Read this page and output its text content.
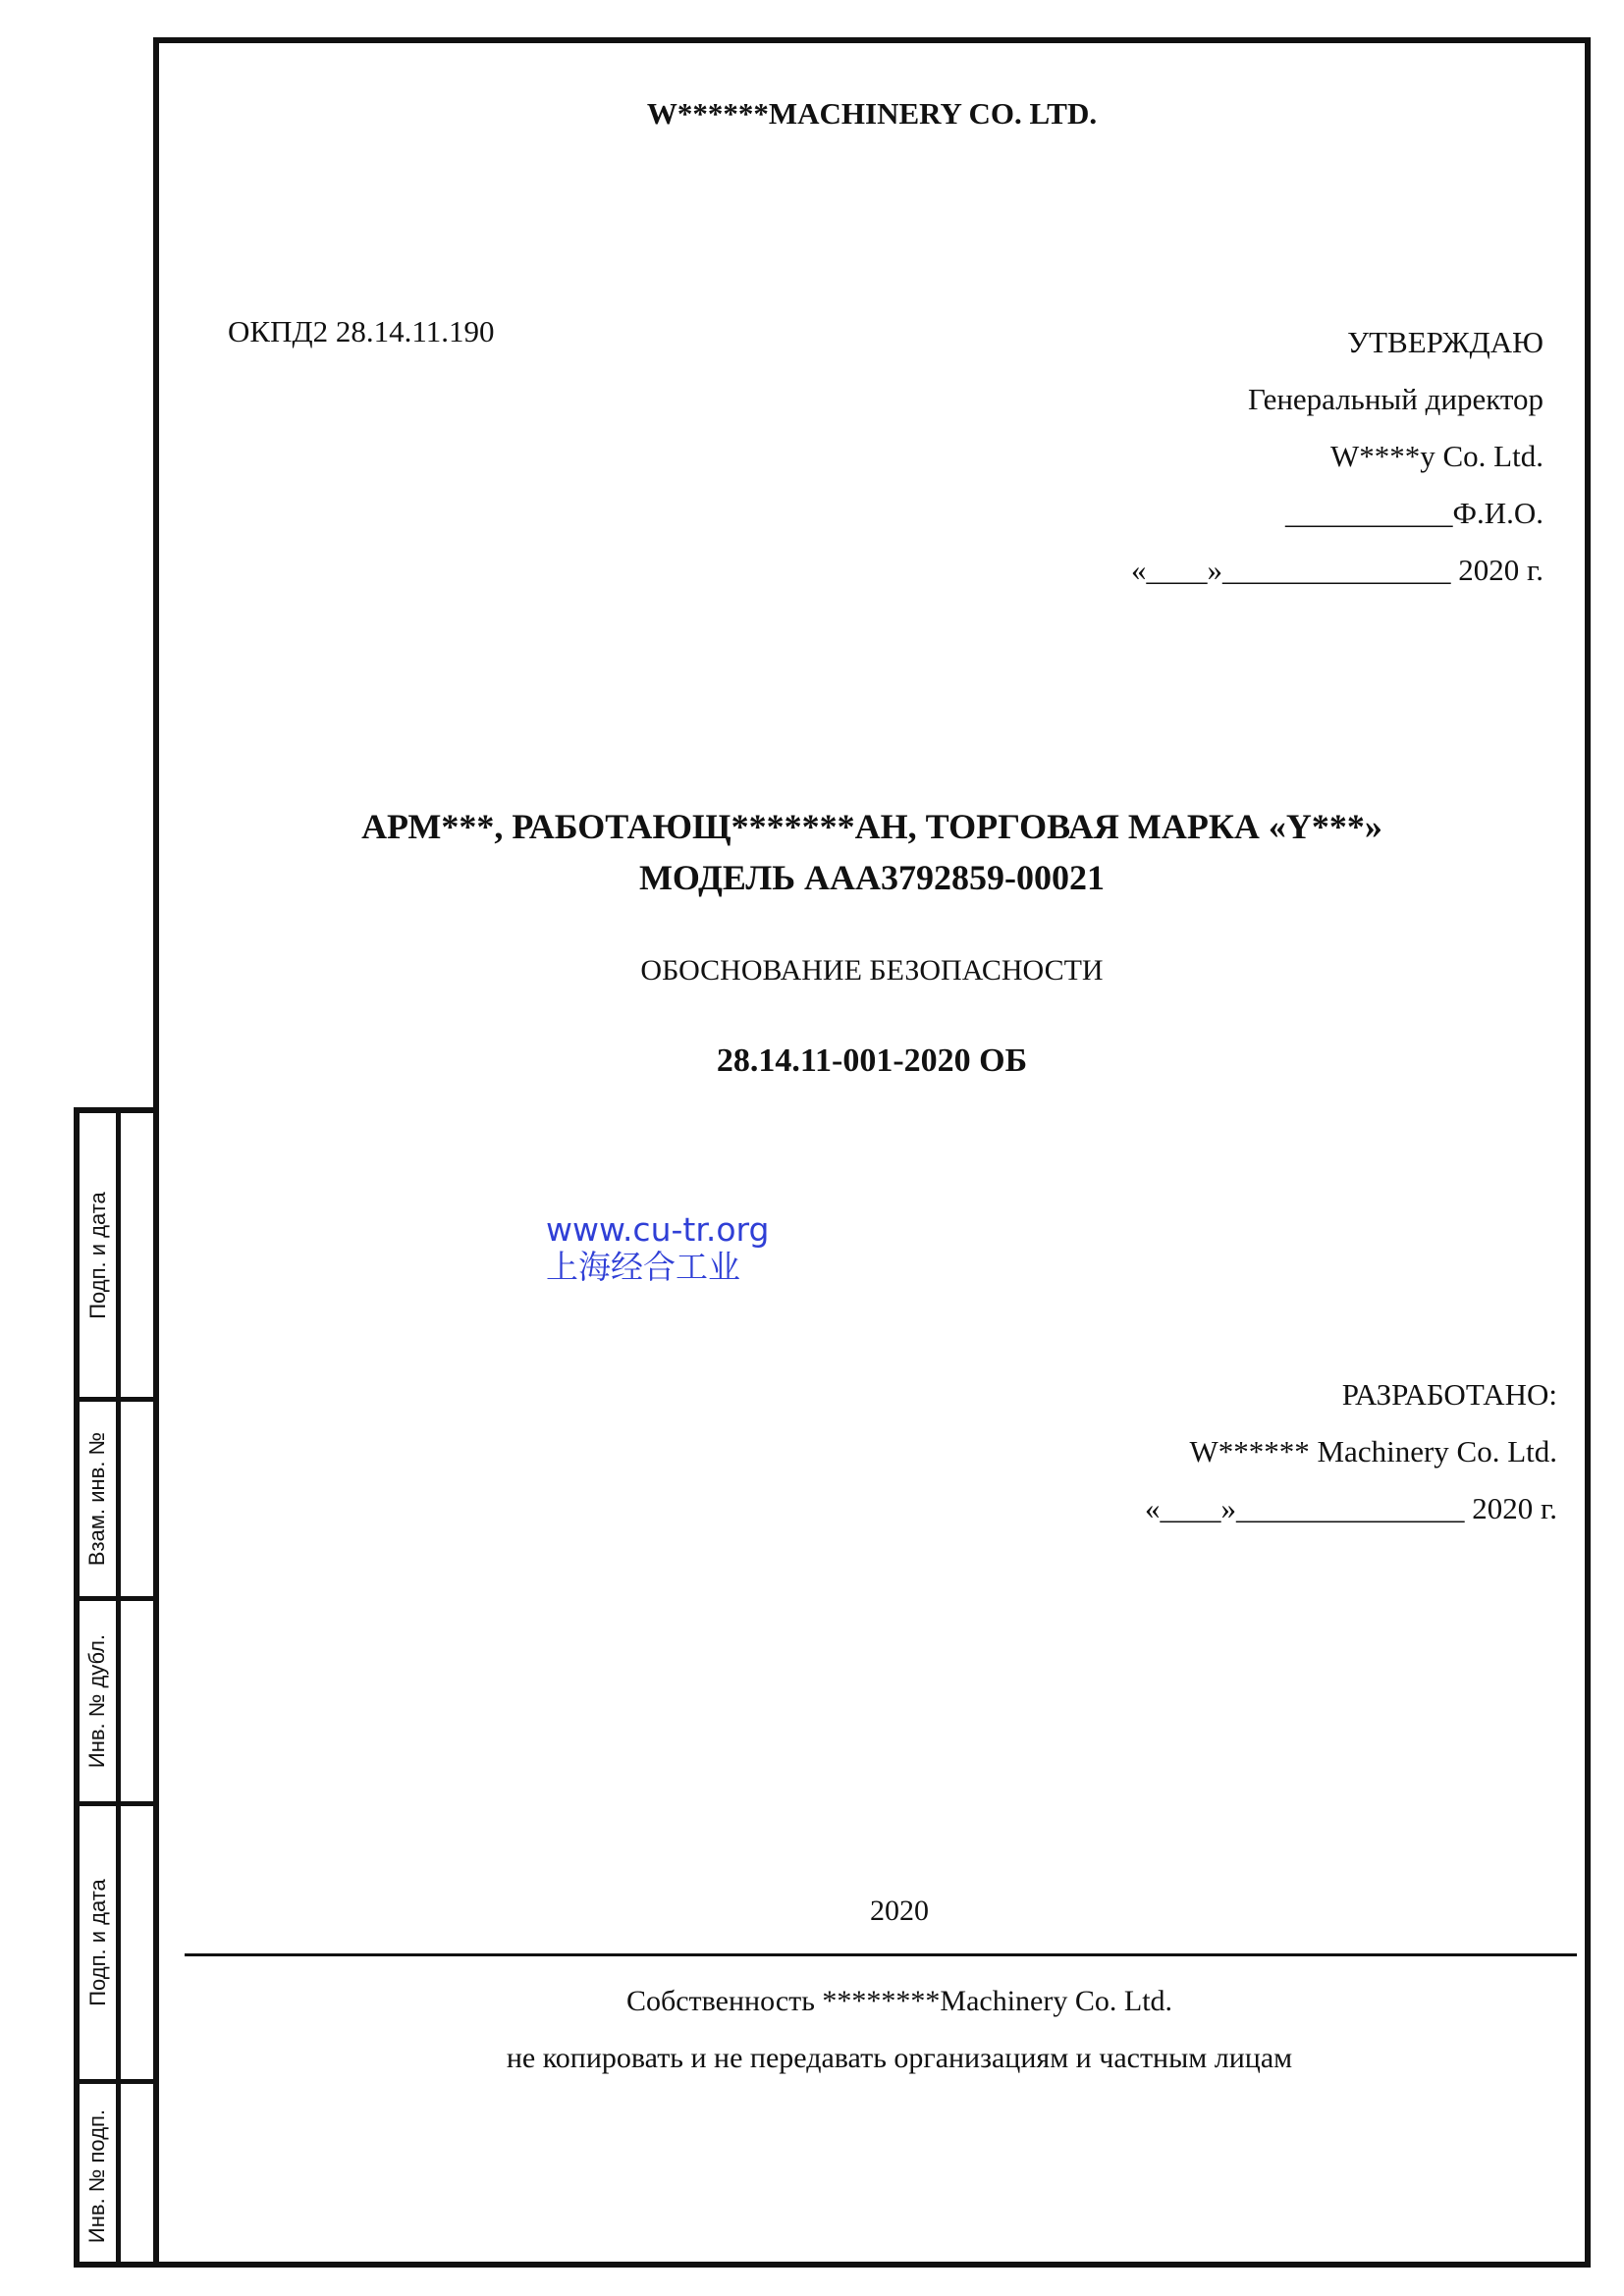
Подп. и дата
Взам. инв. №
Инв. № дубл.
Подп. и дата
Инв. № подп.
W******MACHINERY CO. LTD.
ОКПД2 28.14.11.190	УТВЕРЖДАЮ
Генеральный директор
W****y Co. Ltd.
___________Ф.И.О.
«____»_______________ 2020 г.
АРМ***, РАБОТАЮЩ*******АН, ТОРГОВАЯ МАРКА «Y***»
МОДЕЛЬ AAA3792859-00021
ОБОСНОВАНИЕ БЕЗОПАСНОСТИ
28.14.11-001-2020 ОБ
www.cu-tr.org
上海经合工业
РАЗРАБОТАНО:
W****** Machinery Co. Ltd.
«____»_______________ 2020 г.
2020
Собственность ********Machinery Co. Ltd.
не копировать и не передавать организациям и частным лицам
